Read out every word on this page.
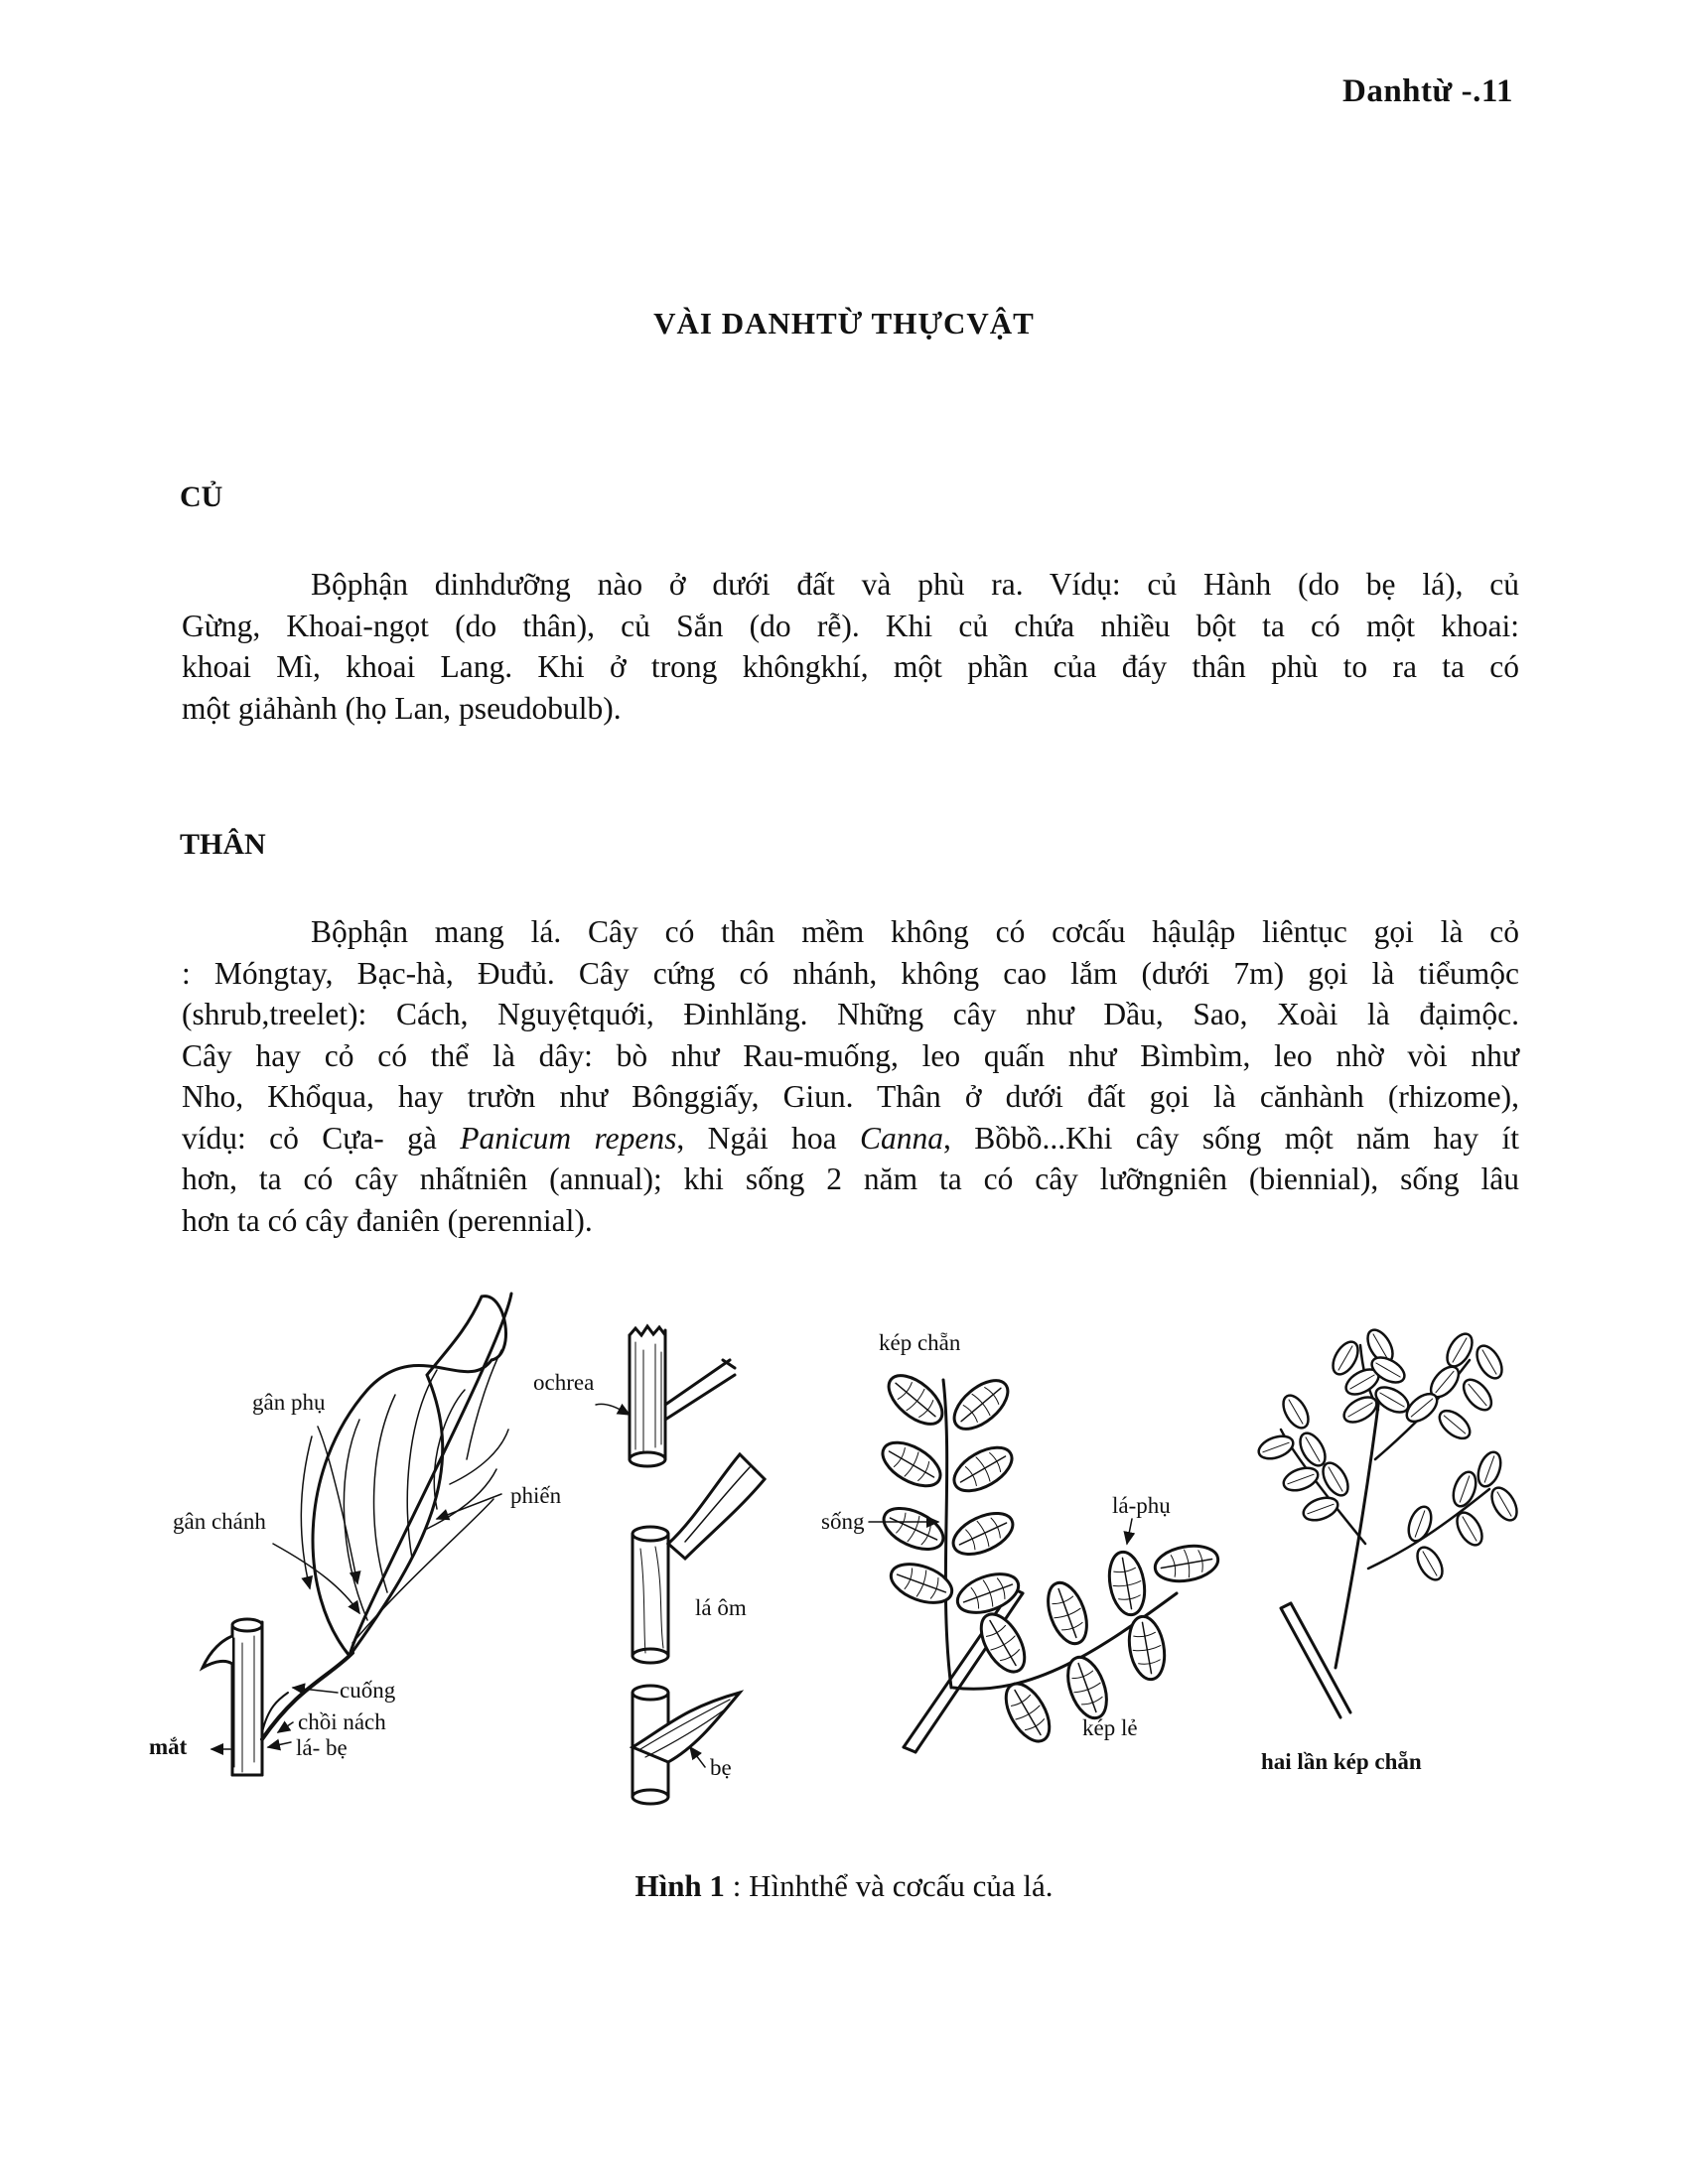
Danhtừ -.11
VÀI DANHTỪ THỰCVẬT
CỦ
Bộphận dinhdưỡng nào ở dưới đất và phù ra. Vídụ: củ Hành (do bẹ lá), củ
Gừng, Khoai-ngọt (do thân), củ Sắn (do rễ). Khi củ chứa nhiều bột ta có một khoai:
khoai Mì, khoai Lang. Khi ở trong khôngkhí, một phần của đáy thân phù to ra ta có
một giảhành (họ Lan, pseudobulb).
THÂN
Bộphận mang lá. Cây có thân mềm không có cơcấu hậulập liêntục gọi là cỏ
: Móngtay, Bạc-hà, Đuđủ. Cây cứng có nhánh, không cao lắm (dưới 7m) gọi là tiểumộc
(shrub,treelet): Cách, Nguyệtquới, Đinhlăng. Những cây như Dầu, Sao, Xoài là đạimộc.
Cây hay cỏ có thể là dây: bò như Rau-muống, leo quấn như Bìmbìm, leo nhờ vòi như
Nho, Khổqua, hay trườn như Bônggiấy, Giun. Thân ở dưới đất gọi là cănhành (rhizome),
vídụ: cỏ Cựa- gà Panicum repens, Ngải hoa Canna, Bồbồ...Khi cây sống một năm hay ít
hơn, ta có cây nhấtniên (annual); khi sống 2 năm ta có cây lưỡngniên (biennial), sống lâu
hơn ta có cây đaniên (perennial).
gân phụ
gân chánh
phiến
cuống
chồi nách
lá- bẹ
mắt
ochrea
lá ôm
bẹ
kép chẵn
sống
lá-phụ
kép lẻ
hai lần kép chẵn
Hình 1 : Hìnhthể và cơcấu của lá.
